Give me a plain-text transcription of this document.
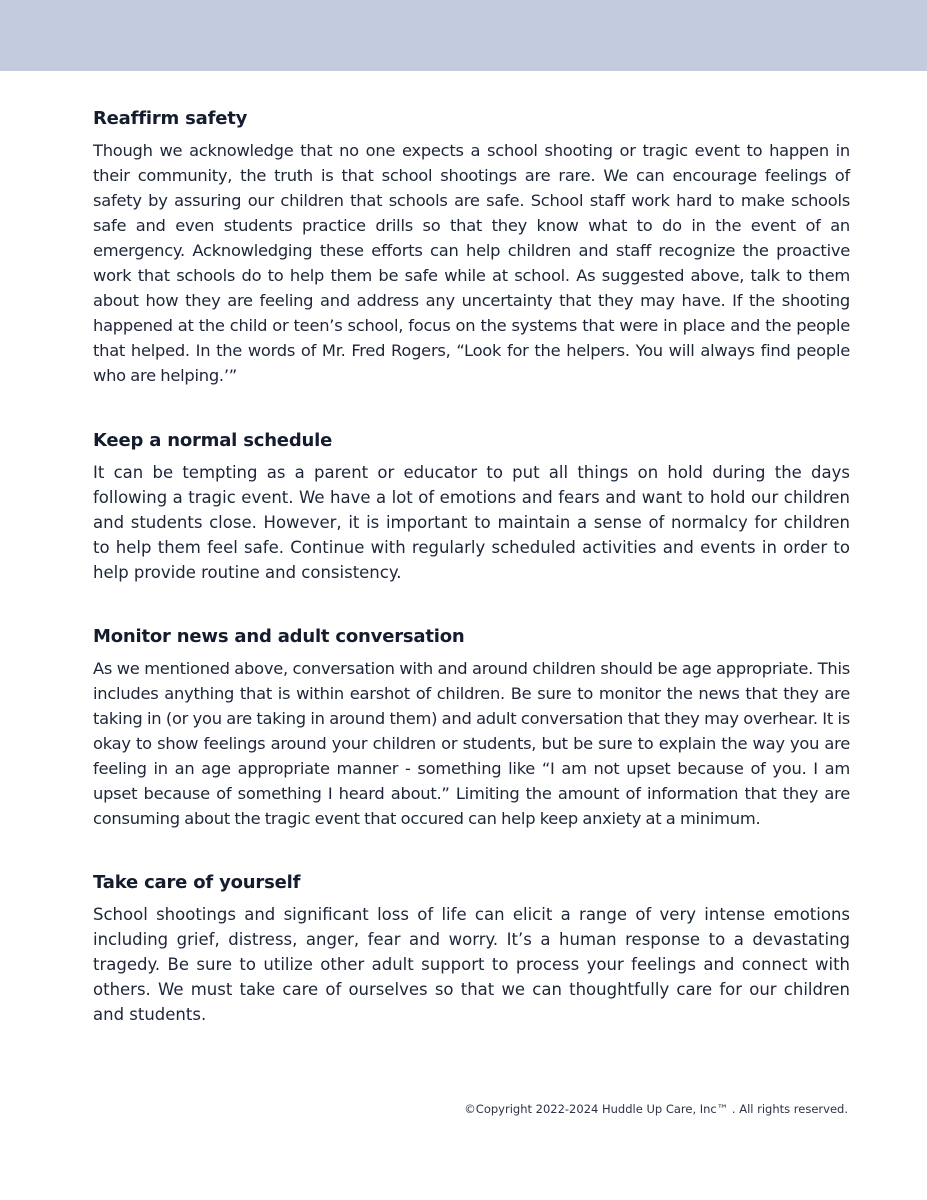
Reaffirm safety

Though we acknowledge that no one expects a school shooting or tragic event to happen in their community, the truth is that school shootings are rare. We can encourage feelings of safety by assuring our children that schools are safe. School staff work hard to make schools safe and even students practice drills so that they know what to do in the event of an emergency. Acknowledging these efforts can help children and staff recognize the proactive work that schools do to help them be safe while at school. As suggested above, talk to them about how they are feeling and address any uncertainty that they may have. If the shooting happened at the child or teen’s school, focus on the systems that were in place and the people that helped. In the words of Mr. Fred Rogers, “Look for the helpers. You will always find people who are helping.’”

Keep a normal schedule

It can be tempting as a parent or educator to put all things on hold during the days following a tragic event. We have a lot of emotions and fears and want to hold our children and students close. However, it is important to maintain a sense of normalcy for children to help them feel safe. Continue with regularly scheduled activities and events in order to help provide routine and consistency.

Monitor news and adult conversation

As we mentioned above, conversation with and around children should be age appropriate. This includes anything that is within earshot of children. Be sure to monitor the news that they are taking in (or you are taking in around them) and adult conversation that they may overhear. It is okay to show feelings around your children or students, but be sure to explain the way you are feeling in an age appropriate manner - something like “I am not upset because of you. I am upset because of something I heard about.” Limiting the amount of information that they are consuming about the tragic event that occured can help keep anxiety at a minimum.

Take care of yourself

School shootings and significant loss of life can elicit a range of very intense emotions including grief, distress, anger, fear and worry. It’s a human response to a devastating tragedy. Be sure to utilize other adult support to process your feelings and connect with others. We must take care of ourselves so that we can thoughtfully care for our children and students.

©Copyright 2022-2024 Huddle Up Care, Inc™ . All rights reserved.
